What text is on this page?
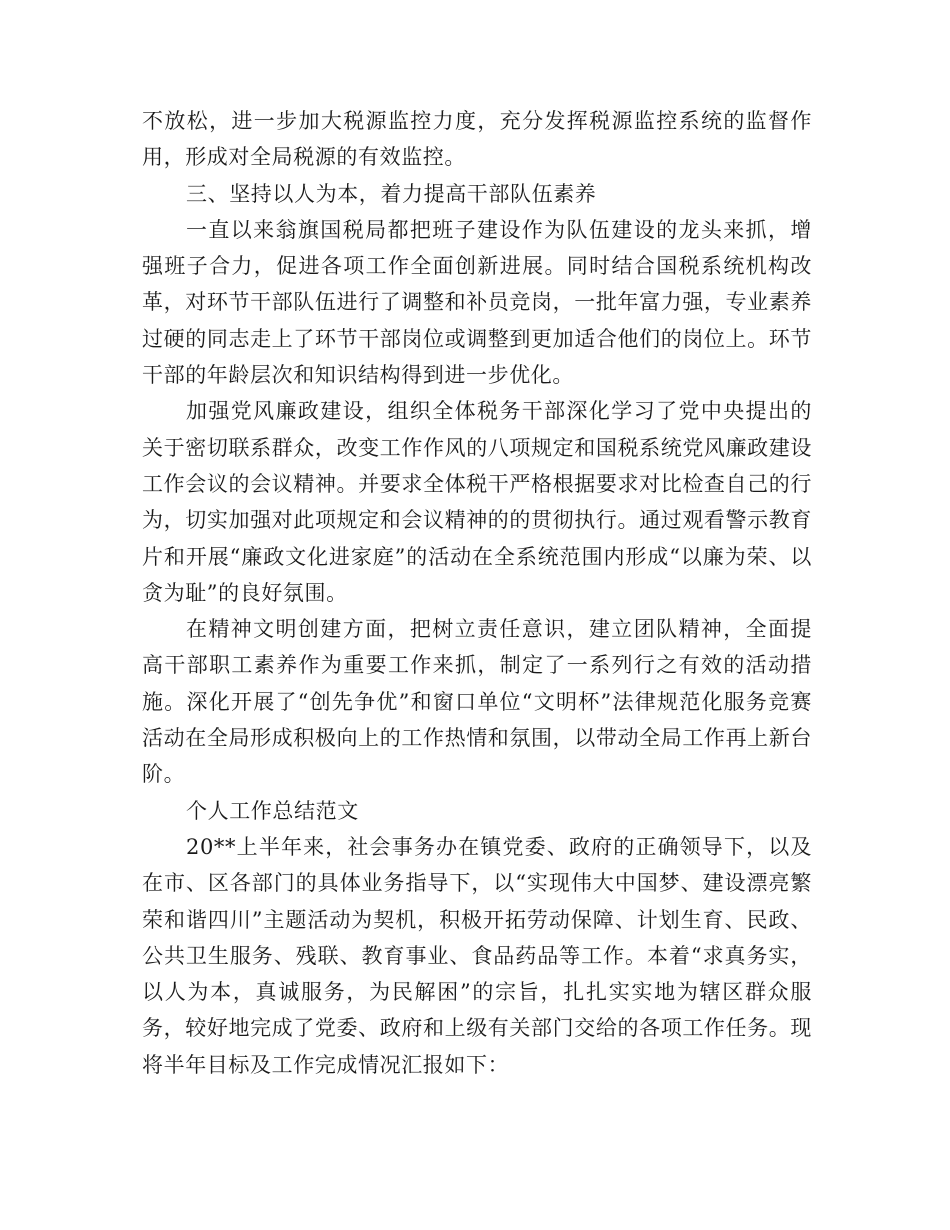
不放松，进一步加大税源监控力度，充分发挥税源监控系统的监督作用，形成对全局税源的有效监控。

三、坚持以人为本，着力提高干部队伍素养

一直以来翁旗国税局都把班子建设作为队伍建设的龙头来抓，增强班子合力，促进各项工作全面创新进展。同时结合国税系统机构改革，对环节干部队伍进行了调整和补员竞岗，一批年富力强，专业素养过硬的同志走上了环节干部岗位或调整到更加适合他们的岗位上。环节干部的年龄层次和知识结构得到进一步优化。

加强党风廉政建设，组织全体税务干部深化学习了党中央提出的关于密切联系群众，改变工作作风的八项规定和国税系统党风廉政建设工作会议的会议精神。并要求全体税干严格根据要求对比检查自己的行为，切实加强对此项规定和会议精神的的贯彻执行。通过观看警示教育片和开展“廉政文化进家庭”的活动在全系统范围内形成“以廉为荣、以贪为耻”的良好氛围。

在精神文明创建方面，把树立责任意识，建立团队精神，全面提高干部职工素养作为重要工作来抓，制定了一系列行之有效的活动措施。深化开展了“创先争优”和窗口单位“文明杯”法律规范化服务竞赛活动在全局形成积极向上的工作热情和氛围，以带动全局工作再上新台阶。

个人工作总结范文

20**上半年来，社会事务办在镇党委、政府的正确领导下，以及在市、区各部门的具体业务指导下，以“实现伟大中国梦、建设漂亮繁荣和谐四川”主题活动为契机，积极开拓劳动保障、计划生育、民政、公共卫生服务、残联、教育事业、食品药品等工作。本着“求真务实，以人为本，真诚服务，为民解困”的宗旨，扎扎实实地为辖区群众服务，较好地完成了党委、政府和上级有关部门交给的各项工作任务。现将半年目标及工作完成情况汇报如下：
